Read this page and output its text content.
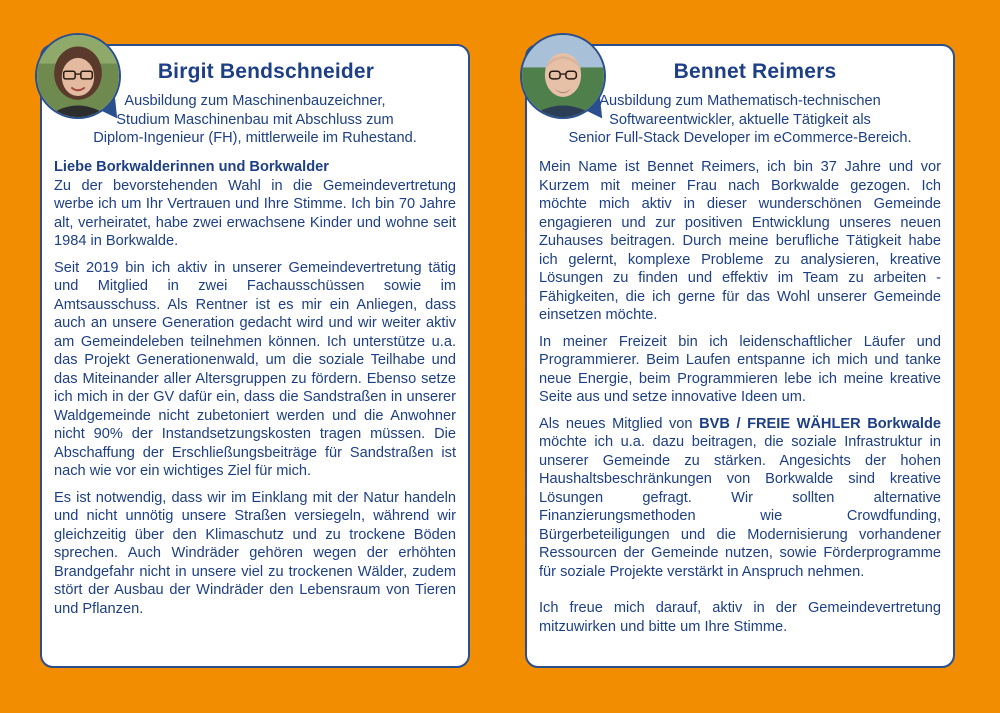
Birgit Bendschneider
Ausbildung zum Maschinenbauzeichner,
Studium Maschinenbau mit Abschluss zum
Diplom-Ingenieur (FH), mittlerweile im Ruhestand.

Liebe Borkwalderinnen und Borkwalder
Zu der bevorstehenden Wahl in die Gemeindevertretung werbe ich um Ihr Vertrauen und Ihre Stimme. Ich bin 70 Jahre alt, verheiratet, habe zwei erwachsene Kinder und wohne seit 1984 in Borkwalde.

Seit 2019 bin ich aktiv in unserer Gemeindevertretung tätig und Mitglied in zwei Fachausschüssen sowie im Amtsausschuss. Als Rentner ist es mir ein Anliegen, dass auch an unsere Generation gedacht wird und wir weiter aktiv am Gemeindeleben teilnehmen können. Ich unterstütze u.a. das Projekt Generationenwald, um die soziale Teilhabe und das Miteinander aller Altersgruppen zu fördern. Ebenso setze ich mich in der GV dafür ein, dass die Sandstraßen in unserer Waldgemeinde nicht zubetoniert werden und die Anwohner nicht 90% der Instandsetzungskosten tragen müssen. Die Abschaffung der Erschließungsbeiträge für Sandstraßen ist nach wie vor ein wichtiges Ziel für mich.

Es ist notwendig, dass wir im Einklang mit der Natur handeln und nicht unnötig unsere Straßen versiegeln, während wir gleichzeitig über den Klimaschutz und zu trockene Böden sprechen. Auch Windräder gehören wegen der erhöhten Brandgefahr nicht in unsere viel zu trockenen Wälder, zudem stört der Ausbau der Windräder den Lebensraum von Tieren und Pflanzen.

Bennet Reimers
Ausbildung zum Mathematisch-technischen
Softwareentwickler, aktuelle Tätigkeit als
Senior Full-Stack Developer im eCommerce-Bereich.

Mein Name ist Bennet Reimers, ich bin 37 Jahre und vor Kurzem mit meiner Frau nach Borkwalde gezogen. Ich möchte mich aktiv in dieser wunderschönen Gemeinde engagieren und zur positiven Entwicklung unseres neuen Zuhauses beitragen. Durch meine berufliche Tätigkeit habe ich gelernt, komplexe Probleme zu analysieren, kreative Lösungen zu finden und effektiv im Team zu arbeiten - Fähigkeiten, die ich gerne für das Wohl unserer Gemeinde einsetzen möchte.

In meiner Freizeit bin ich leidenschaftlicher Läufer und Programmierer. Beim Laufen entspanne ich mich und tanke neue Energie, beim Programmieren lebe ich meine kreative Seite aus und setze innovative Ideen um.

Als neues Mitglied von BVB / FREIE WÄHLER Borkwalde möchte ich u.a. dazu beitragen, die soziale Infrastruktur in unserer Gemeinde zu stärken. Angesichts der hohen Haushaltsbeschränkungen von Borkwalde sind kreative Lösungen gefragt. Wir sollten alternative Finanzierungsmethoden wie Crowdfunding, Bürgerbeteiligungen und die Modernisierung vorhandener Ressourcen der Gemeinde nutzen, sowie Förderprogramme für soziale Projekte verstärkt in Anspruch nehmen.

Ich freue mich darauf, aktiv in der Gemeindevertretung mitzuwirken und bitte um Ihre Stimme.
